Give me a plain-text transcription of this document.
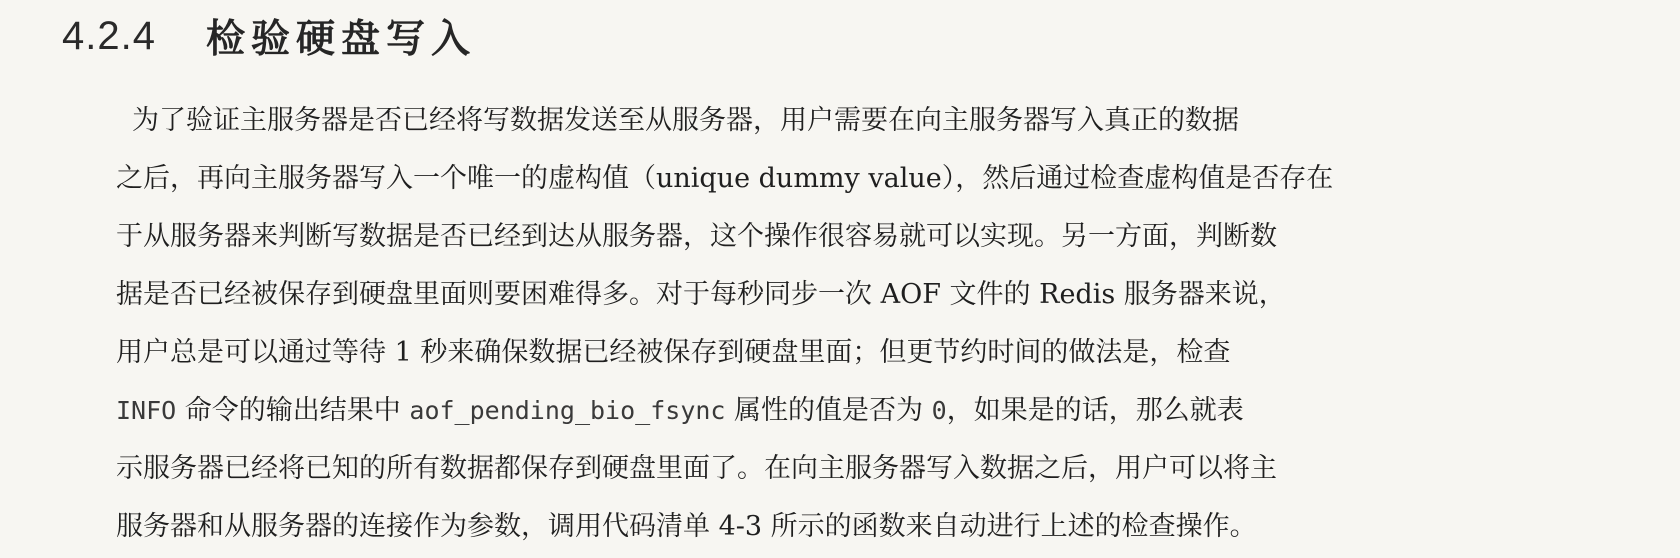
4.2.4 检验硬盘写入
为了验证主服务器是否已经将写数据发送至从服务器，用户需要在向主服务器写入真正的数据
之后，再向主服务器写入一个唯一的虚构值（unique dummy value），然后通过检查虚构值是否存在
于从服务器来判断写数据是否已经到达从服务器，这个操作很容易就可以实现。另一方面，判断数
据是否已经被保存到硬盘里面则要困难得多。对于每秒同步一次 AOF 文件的 Redis 服务器来说，
用户总是可以通过等待 1 秒来确保数据已经被保存到硬盘里面；但更节约时间的做法是，检查
INFO 命令的输出结果中 aof_pending_bio_fsync 属性的值是否为 0，如果是的话，那么就表
示服务器已经将已知的所有数据都保存到硬盘里面了。在向主服务器写入数据之后，用户可以将主
服务器和从服务器的连接作为参数，调用代码清单 4-3 所示的函数来自动进行上述的检查操作。
